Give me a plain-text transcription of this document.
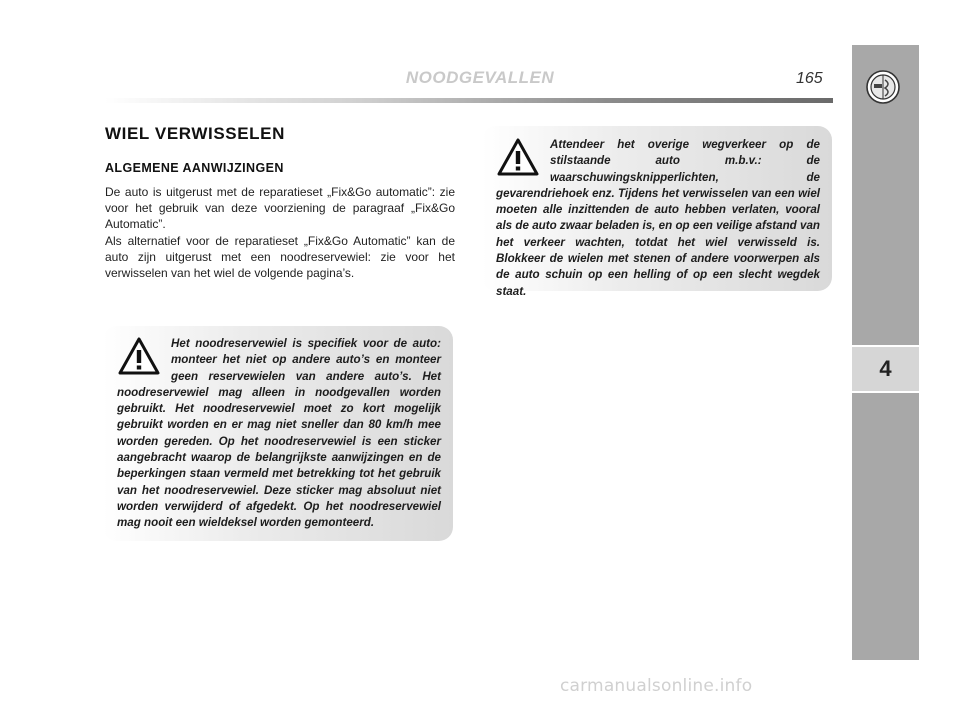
NOODGEVALLEN	165
4
WIEL VERWISSELEN
ALGEMENE AANWIJZINGEN

De auto is uitgerust met de reparatieset „Fix&Go automatic”: zie voor het gebruik van deze voorziening de paragraaf „Fix&Go Automatic”.

Als alternatief voor de reparatieset „Fix&Go Automatic” kan de auto zijn uitgerust met een noodreservewiel: zie voor het verwisselen van het wiel de volgende pagina’s.

Het noodreservewiel is specifiek voor de auto: monteer het niet op andere auto’s en monteer geen reservewielen van andere auto’s. Het noodreservewiel mag alleen in noodgevallen worden gebruikt. Het noodreservewiel moet zo kort mogelijk gebruikt worden en er mag niet sneller dan 80 km/h mee worden gereden. Op het noodreservewiel is een sticker aangebracht waarop de belangrijkste aanwijzingen en de beperkingen staan vermeld met betrekking tot het gebruik van het noodreservewiel. Deze sticker mag absoluut niet worden verwijderd of afgedekt. Op het noodreservewiel mag nooit een wieldeksel worden gemonteerd.
Attendeer het overige wegverkeer op de stilstaande auto m.b.v.: de waarschuwingsknipperlichten, de gevarendriehoek enz. Tijdens het verwisselen van een wiel moeten alle inzittenden de auto hebben verlaten, vooral als de auto zwaar beladen is, en op een veilige afstand van het verkeer wachten, totdat het wiel verwisseld is. Blokkeer de wielen met stenen of andere voorwerpen als de auto schuin op een helling of op een slecht wegdek staat.
carmanualsonline.info
